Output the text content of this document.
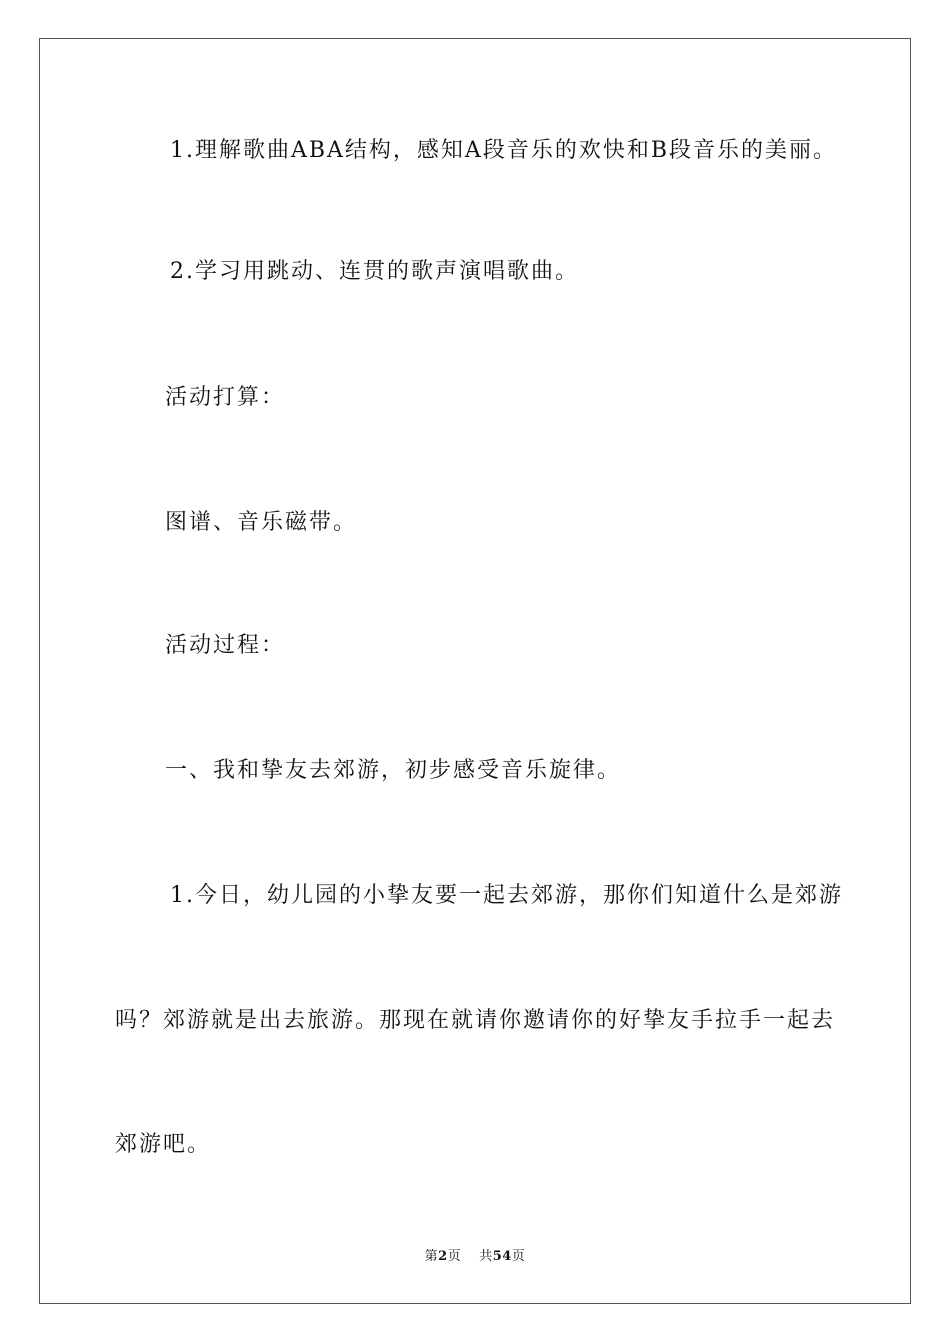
1.理解歌曲ABA结构，感知A段音乐的欢快和B段音乐的美丽。
2.学习用跳动、连贯的歌声演唱歌曲。
活动打算：
图谱、音乐磁带。
活动过程：
一、我和挚友去郊游，初步感受音乐旋律。
1.今日，幼儿园的小挚友要一起去郊游，那你们知道什么是郊游
吗？郊游就是出去旅游。那现在就请你邀请你的好挚友手拉手一起去
郊游吧。
第2页 共54页
